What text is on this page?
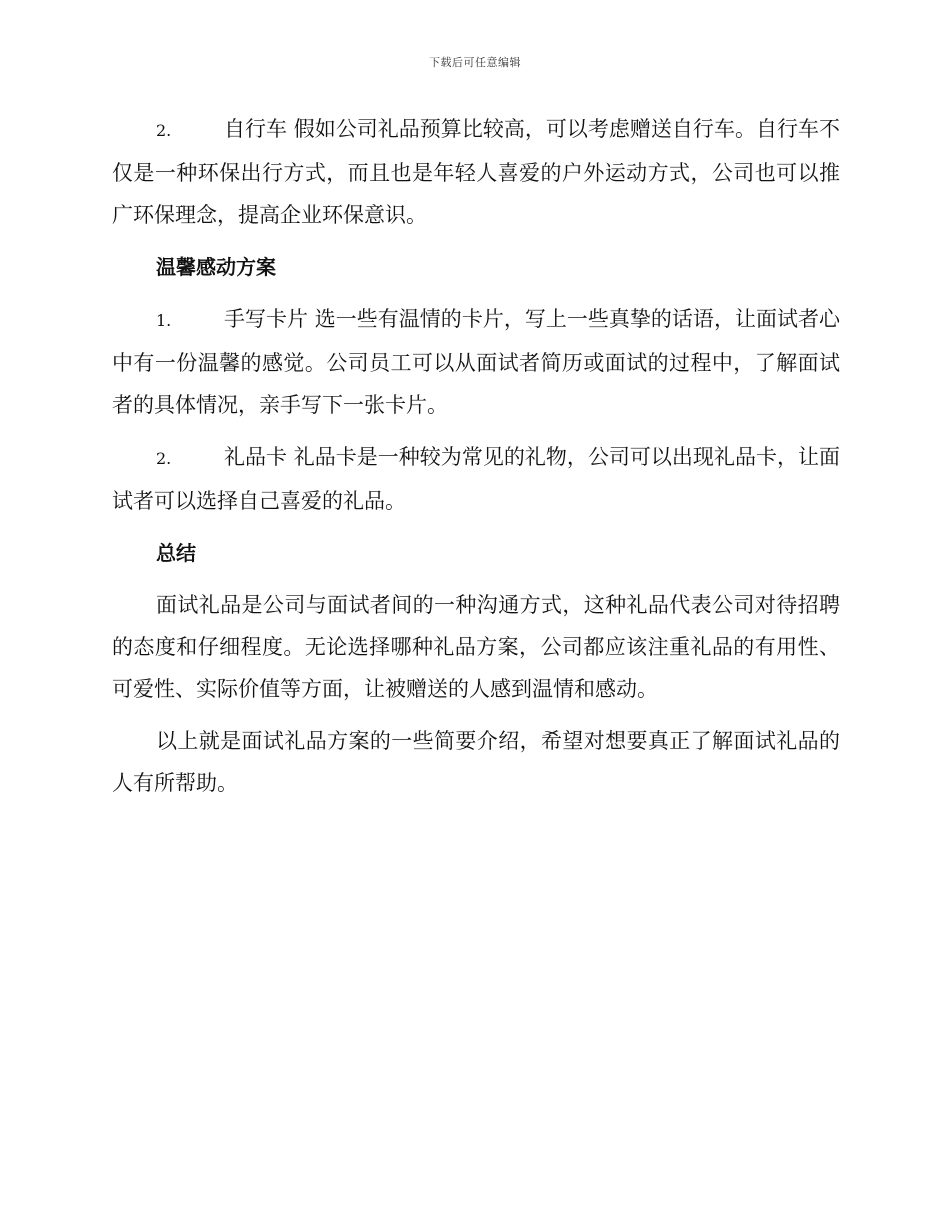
下载后可任意编辑

2.	自行车 假如公司礼品预算比较高，可以考虑赠送自行车。自行车不仅是一种环保出行方式，而且也是年轻人喜爱的户外运动方式，公司也可以推广环保理念，提高企业环保意识。

温馨感动方案

1.	手写卡片 选一些有温情的卡片，写上一些真挚的话语，让面试者心中有一份温馨的感觉。公司员工可以从面试者简历或面试的过程中，了解面试者的具体情况，亲手写下一张卡片。

2.	礼品卡 礼品卡是一种较为常见的礼物，公司可以出现礼品卡，让面试者可以选择自己喜爱的礼品。

总结

面试礼品是公司与面试者间的一种沟通方式，这种礼品代表公司对待招聘的态度和仔细程度。无论选择哪种礼品方案，公司都应该注重礼品的有用性、可爱性、实际价值等方面，让被赠送的人感到温情和感动。

以上就是面试礼品方案的一些简要介绍，希望对想要真正了解面试礼品的人有所帮助。
